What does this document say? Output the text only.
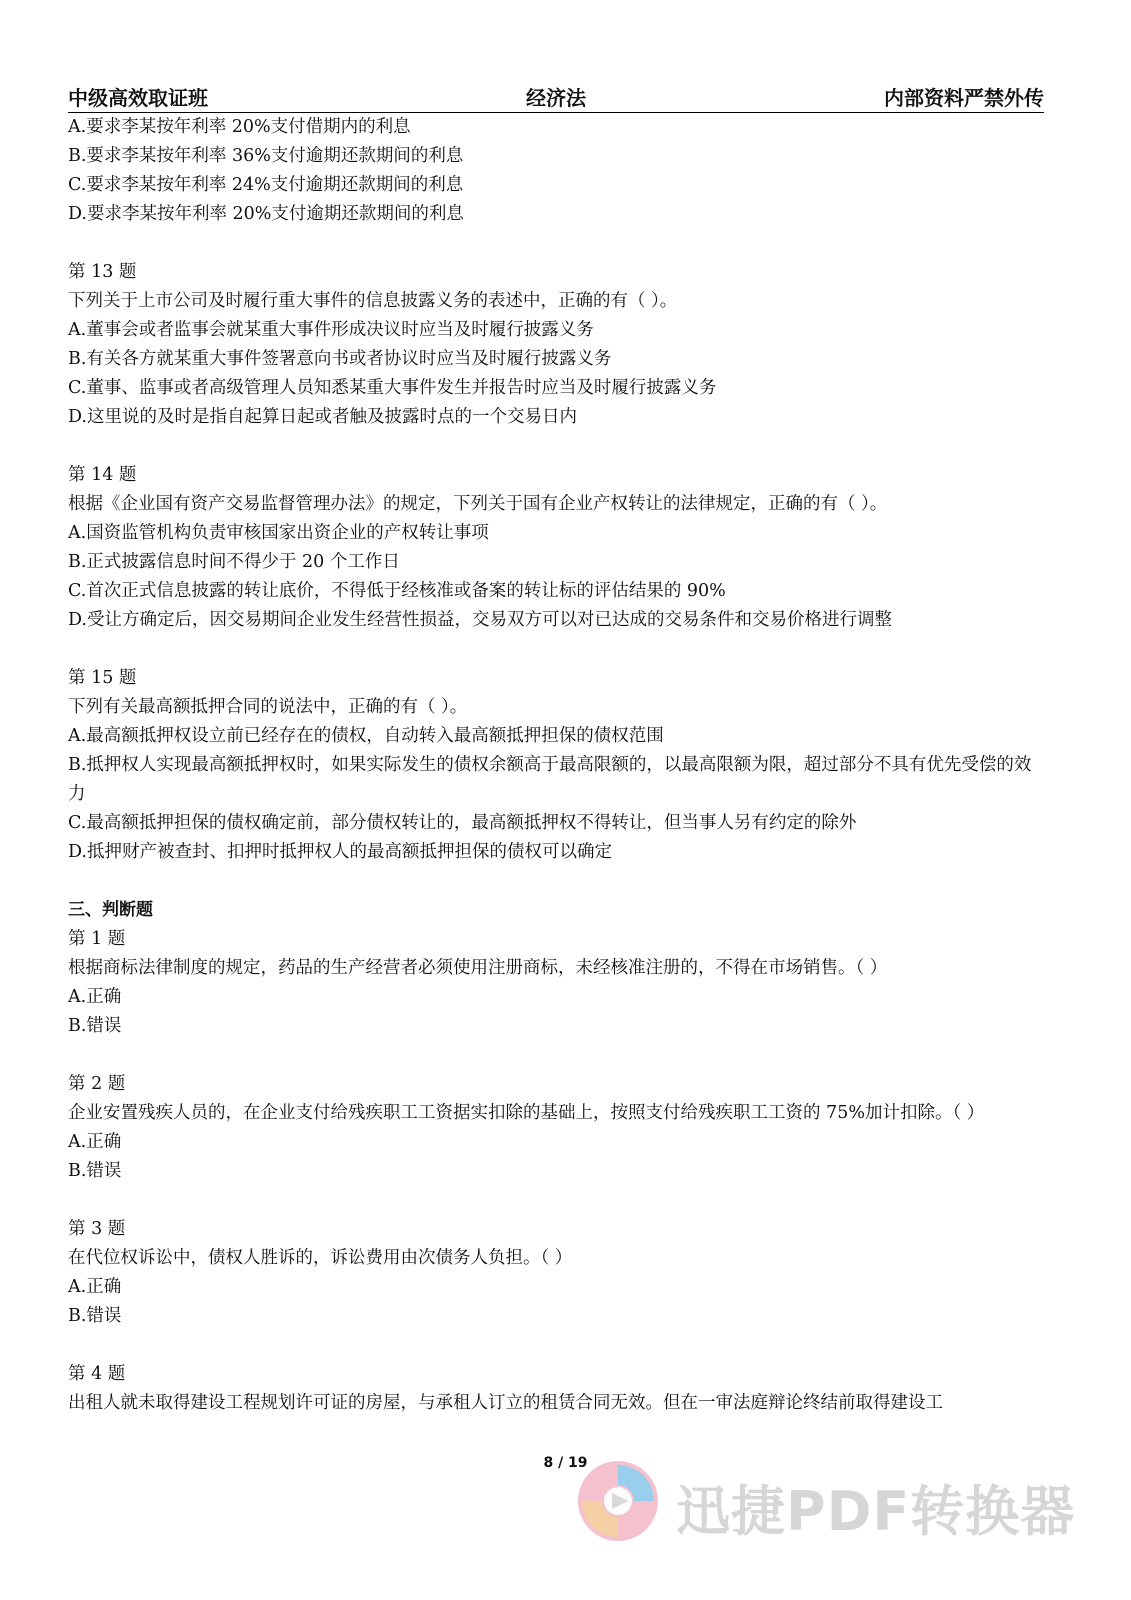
中级高效取证班	经济法	内部资料严禁外传
A.要求李某按年利率 20%支付借期内的利息
B.要求李某按年利率 36%支付逾期还款期间的利息
C.要求李某按年利率 24%支付逾期还款期间的利息
D.要求李某按年利率 20%支付逾期还款期间的利息
第 13 题
下列关于上市公司及时履行重大事件的信息披露义务的表述中，正确的有（ ）。
A.董事会或者监事会就某重大事件形成决议时应当及时履行披露义务
B.有关各方就某重大事件签署意向书或者协议时应当及时履行披露义务
C.董事、监事或者高级管理人员知悉某重大事件发生并报告时应当及时履行披露义务
D.这里说的及时是指自起算日起或者触及披露时点的一个交易日内
第 14 题
根据《企业国有资产交易监督管理办法》的规定，下列关于国有企业产权转让的法律规定，正确的有（ ）。
A.国资监管机构负责审核国家出资企业的产权转让事项
B.正式披露信息时间不得少于 20 个工作日
C.首次正式信息披露的转让底价，不得低于经核准或备案的转让标的评估结果的 90%
D.受让方确定后，因交易期间企业发生经营性损益，交易双方可以对已达成的交易条件和交易价格进行调整
第 15 题
下列有关最高额抵押合同的说法中，正确的有（ ）。
A.最高额抵押权设立前已经存在的债权，自动转入最高额抵押担保的债权范围
B.抵押权人实现最高额抵押权时，如果实际发生的债权余额高于最高限额的，以最高限额为限，超过部分不具有优先受偿的效力
C.最高额抵押担保的债权确定前，部分债权转让的，最高额抵押权不得转让，但当事人另有约定的除外
D.抵押财产被查封、扣押时抵押权人的最高额抵押担保的债权可以确定
三、判断题
第 1 题
根据商标法律制度的规定，药品的生产经营者必须使用注册商标，未经核准注册的，不得在市场销售。（ ）
A.正确
B.错误
第 2 题
企业安置残疾人员的，在企业支付给残疾职工工资据实扣除的基础上，按照支付给残疾职工工资的 75%加计扣除。（ ）
A.正确
B.错误
第 3 题
在代位权诉讼中，债权人胜诉的，诉讼费用由次债务人负担。（ ）
A.正确
B.错误
第 4 题
出租人就未取得建设工程规划许可证的房屋，与承租人订立的租赁合同无效。但在一审法庭辩论终结前取得建设工
8 / 19
迅捷PDF转换器
